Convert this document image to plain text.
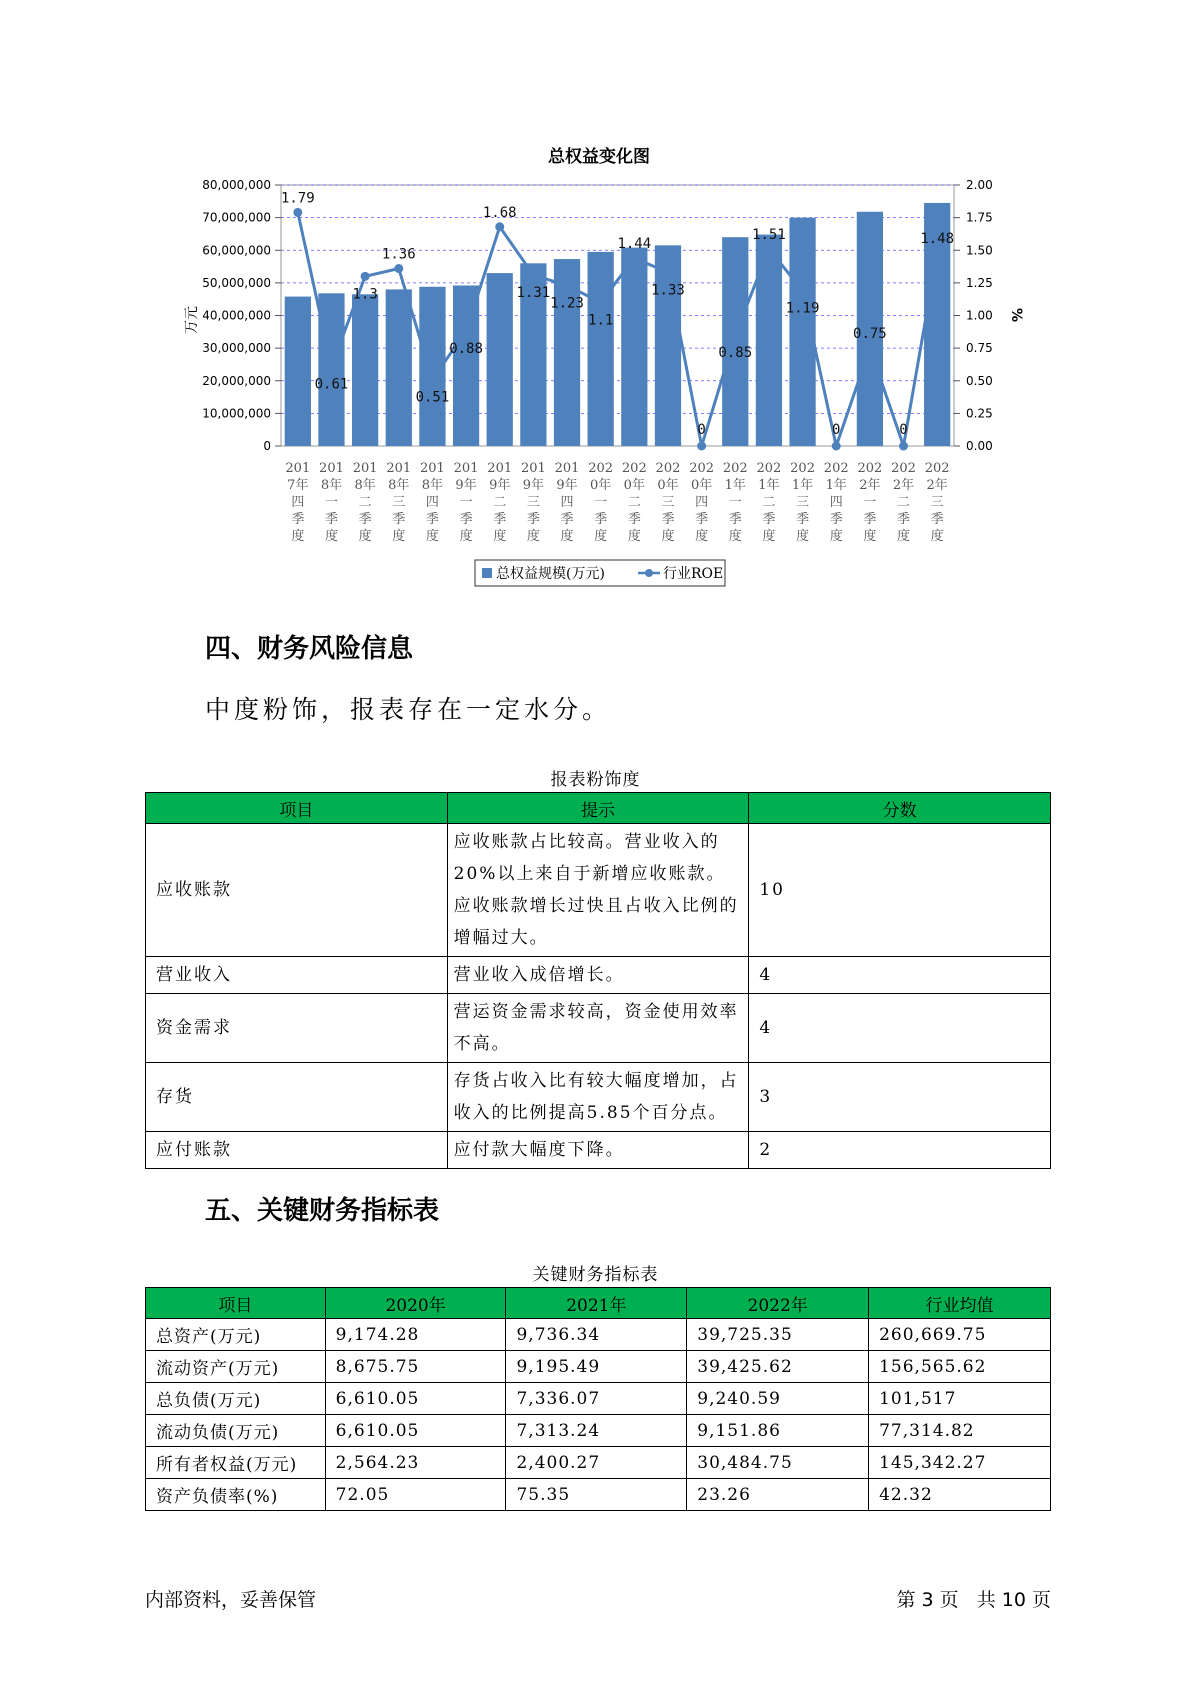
总权益变化图
0
10,000,000
20,000,000
30,000,000
40,000,000
50,000,000
60,000,000
70,000,000
80,000,000
0.00
0.25
0.50
0.75
1.00
1.25
1.50
1.75
2.00
万元	%
1.79
0.61
1.3
1.36
0.51
0.88
1.68
1.31
1.23
1.1
1.44
1.33
0
0.85
1.51
1.19
0
0.75
0
1.48
201 7年四季度
201 8年一季度
201 8年二季度
201 8年三季度
201 8年四季度
201 9年一季度
201 9年二季度
201 9年三季度
201 9年四季度
202 0年一季度
202 0年二季度
202 0年三季度
202 0年四季度
202 1年一季度
202 1年二季度
202 1年三季度
202 1年四季度
202 2年一季度
202 2年二季度
202 2年三季度
总权益规模(万元)	行业ROE
四、财务风险信息

中度粉饰，报表存在一定水分。

报表粉饰度
项目	提示	分数
应收账款	应收账款占比较高。营业收入的20%以上来自于新增应收账款。应收账款增长过快且占收入比例的增幅过大。	10
营业收入	营业收入成倍增长。	4
资金需求	营运资金需求较高，资金使用效率不高。	4
存货	存货占收入比有较大幅度增加，占收入的比例提高5.85个百分点。	3
应付账款	应付款大幅度下降。	2
五、关键财务指标表
关键财务指标表
项目	2020年	2021年	2022年	行业均值
总资产(万元)	9,174.28	9,736.34	39,725.35	260,669.75
流动资产(万元)	8,675.75	9,195.49	39,425.62	156,565.62
总负债(万元)	6,610.05	7,336.07	9,240.59	101,517
流动负债(万元)	6,610.05	7,313.24	9,151.86	77,314.82
所有者权益(万元)	2,564.23	2,400.27	30,484.75	145,342.27
资产负债率(%)	72.05	75.35	23.26	42.32
内部资料，妥善保管	第 3 页   共 10 页
